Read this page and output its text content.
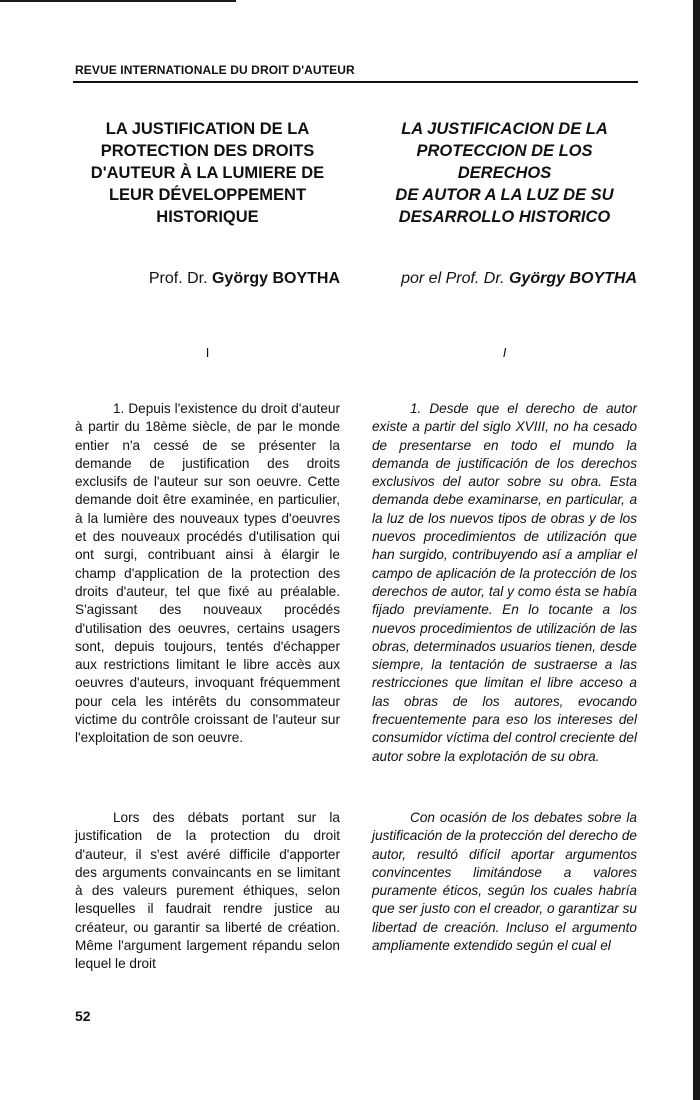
REVUE INTERNATIONALE DU DROIT D'AUTEUR
LA JUSTIFICATION DE LA
PROTECTION DES DROITS
D'AUTEUR À LA LUMIERE DE
LEUR DÉVELOPPEMENT
HISTORIQUE
Prof. Dr. György BOYTHA
I

1. Depuis l'existence du droit d'auteur à partir du 18ème siècle, de par le monde entier n'a cessé de se présenter la demande de justification des droits exclusifs de l'auteur sur son oeuvre. Cette demande doit être examinée, en particulier, à la lumière des nouveaux types d'oeuvres et des nouveaux procédés d'utilisation qui ont surgi, contribuant ainsi à élargir le champ d'application de la protection des droits d'auteur, tel que fixé au préalable. S'agissant des nouveaux procédés d'utilisation des oeuvres, certains usagers sont, depuis toujours, tentés d'échapper aux restrictions limitant le libre accès aux oeuvres d'auteurs, invoquant fréquemment pour cela les intérêts du consommateur victime du contrôle croissant de l'auteur sur l'exploitation de son oeuvre.

Lors des débats portant sur la justification de la protection du droit d'auteur, il s'est avéré difficile d'apporter des arguments convaincants en se limitant à des valeurs purement éthiques, selon lesquelles il faudrait rendre justice au créateur, ou garantir sa liberté de création. Même l'argument largement répandu selon lequel le droit

LA JUSTIFICACION DE LA
PROTECCION DE LOS
DERECHOS
DE AUTOR A LA LUZ DE SU
DESARROLLO HISTORICO
por el Prof. Dr. György BOYTHA
I

1. Desde que el derecho de autor existe a partir del siglo XVIII, no ha cesado de presentarse en todo el mundo la demanda de justificación de los derechos exclusivos del autor sobre su obra. Esta demanda debe examinarse, en particular, a la luz de los nuevos tipos de obras y de los nuevos procedimientos de utilización que han surgido, contribuyendo así a ampliar el campo de aplicación de la protección de los derechos de autor, tal y como ésta se había fijado previamente. En lo tocante a los nuevos procedimientos de utilización de las obras, determinados usuarios tienen, desde siempre, la tentación de sustraerse a las restricciones que limitan el libre acceso a las obras de los autores, evocando frecuentemente para eso los intereses del consumidor víctima del control creciente del autor sobre la explotación de su obra.

Con ocasión de los debates sobre la justificación de la protección del derecho de autor, resultó difícil aportar argumentos convincentes limitándose a valores puramente éticos, según los cuales habría que ser justo con el creador, o garantizar su libertad de creación. Incluso el argumento ampliamente extendido según el cual el

52
